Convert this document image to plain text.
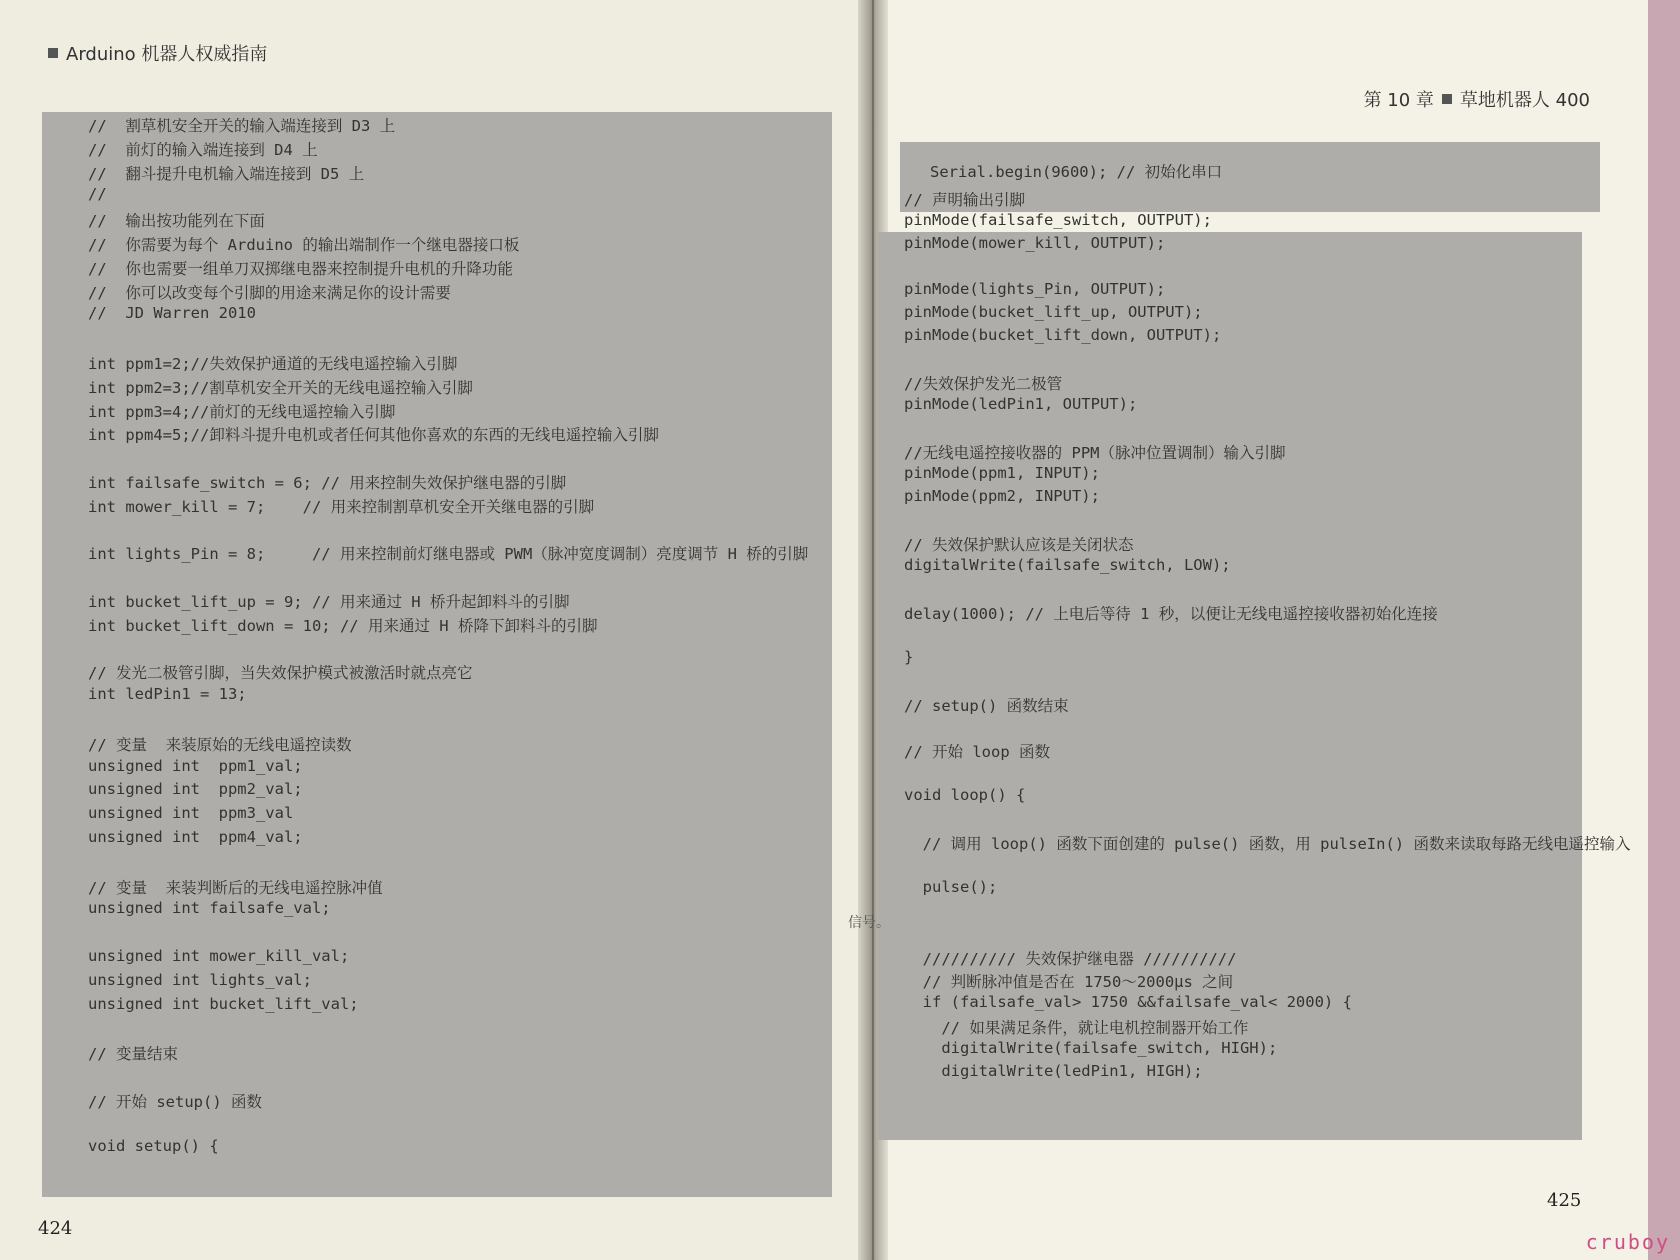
Arduino 机器人权威指南
第 10 章 草地机器人 400
//  割草机安全开关的输入端连接到 D3 上
//  前灯的输入端连接到 D4 上
//  翻斗提升电机输入端连接到 D5 上
//
//  输出按功能列在下面
//  你需要为每个 Arduino 的输出端制作一个继电器接口板
//  你也需要一组单刀双掷继电器来控制提升电机的升降功能
//  你可以改变每个引脚的用途来满足你的设计需要
//  JD Warren 2010
int ppm1=2;//失效保护通道的无线电遥控输入引脚
int ppm2=3;//割草机安全开关的无线电遥控输入引脚
int ppm3=4;//前灯的无线电遥控输入引脚
int ppm4=5;//卸料斗提升电机或者任何其他你喜欢的东西的无线电遥控输入引脚
int failsafe_switch = 6; // 用来控制失效保护继电器的引脚
int mower_kill = 7;    // 用来控制割草机安全开关继电器的引脚
int lights_Pin = 8;     // 用来控制前灯继电器或 PWM（脉冲宽度调制）亮度调节 H 桥的引脚
int bucket_lift_up = 9; // 用来通过 H 桥升起卸料斗的引脚
int bucket_lift_down = 10; // 用来通过 H 桥降下卸料斗的引脚
// 发光二极管引脚，当失效保护模式被激活时就点亮它
int ledPin1 = 13;
// 变量  来装原始的无线电遥控读数
unsigned int  ppm1_val;
unsigned int  ppm2_val;
unsigned int  ppm3_val
unsigned int  ppm4_val;
// 变量  来装判断后的无线电遥控脉冲值
unsigned int failsafe_val;
unsigned int mower_kill_val;
unsigned int lights_val;
unsigned int bucket_lift_val;
// 变量结束
// 开始 setup() 函数
void setup() {
Serial.begin(9600); // 初始化串口
// 声明输出引脚
pinMode(failsafe_switch, OUTPUT);
pinMode(mower_kill, OUTPUT);
pinMode(lights_Pin, OUTPUT);
pinMode(bucket_lift_up, OUTPUT);
pinMode(bucket_lift_down, OUTPUT);
//失效保护发光二极管
pinMode(ledPin1, OUTPUT);
//无线电遥控接收器的 PPM（脉冲位置调制）输入引脚
pinMode(ppm1, INPUT);
pinMode(ppm2, INPUT);
// 失效保护默认应该是关闭状态
digitalWrite(failsafe_switch, LOW);
delay(1000); // 上电后等待 1 秒，以便让无线电遥控接收器初始化连接
}
// setup() 函数结束
// 开始 loop 函数
void loop() {
// 调用 loop() 函数下面创建的 pulse() 函数，用 pulseIn() 函数来读取每路无线电遥控输入
pulse();
////////// 失效保护继电器 //////////
// 判断脉冲值是否在 1750～2000μs 之间
if (failsafe_val> 1750 &&failsafe_val< 2000) {
// 如果满足条件，就让电机控制器开始工作
digitalWrite(failsafe_switch, HIGH);
digitalWrite(ledPin1, HIGH);
信号。
424
425
cruboy
